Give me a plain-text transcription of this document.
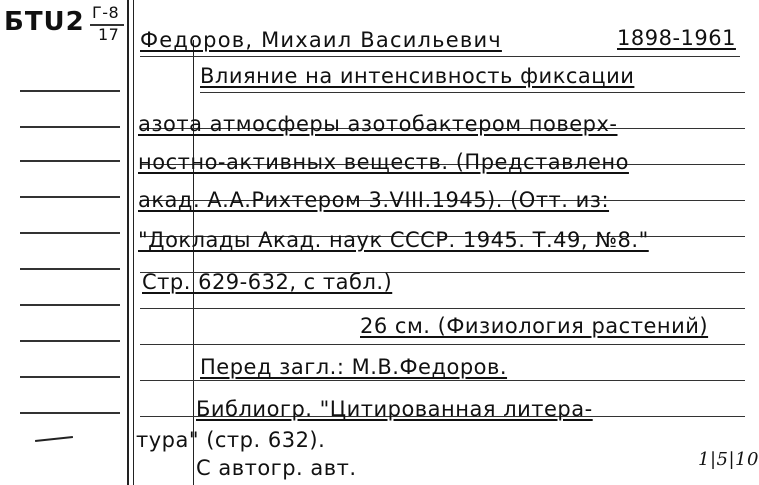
БТU2 Г-8
17 Федоров, Михаил Васильевич	1898-1961
Влияние на интенсивность фиксации
азота атмосферы азотобактером поверх-
ностно-активных веществ. (Представлено
акад. А.А.Рихтером 3.VIII.1945). (Отт. из:
"Доклады Акад. наук СССР. 1945. Т.49, №8."
Стр. 629-632, с табл.)
26 см. (Физиология растений)
Перед загл.: М.В.Федоров.
Библиогр. "Цитированная литера-
тура" (стр. 632).
С автогр. авт.	1|5|10
